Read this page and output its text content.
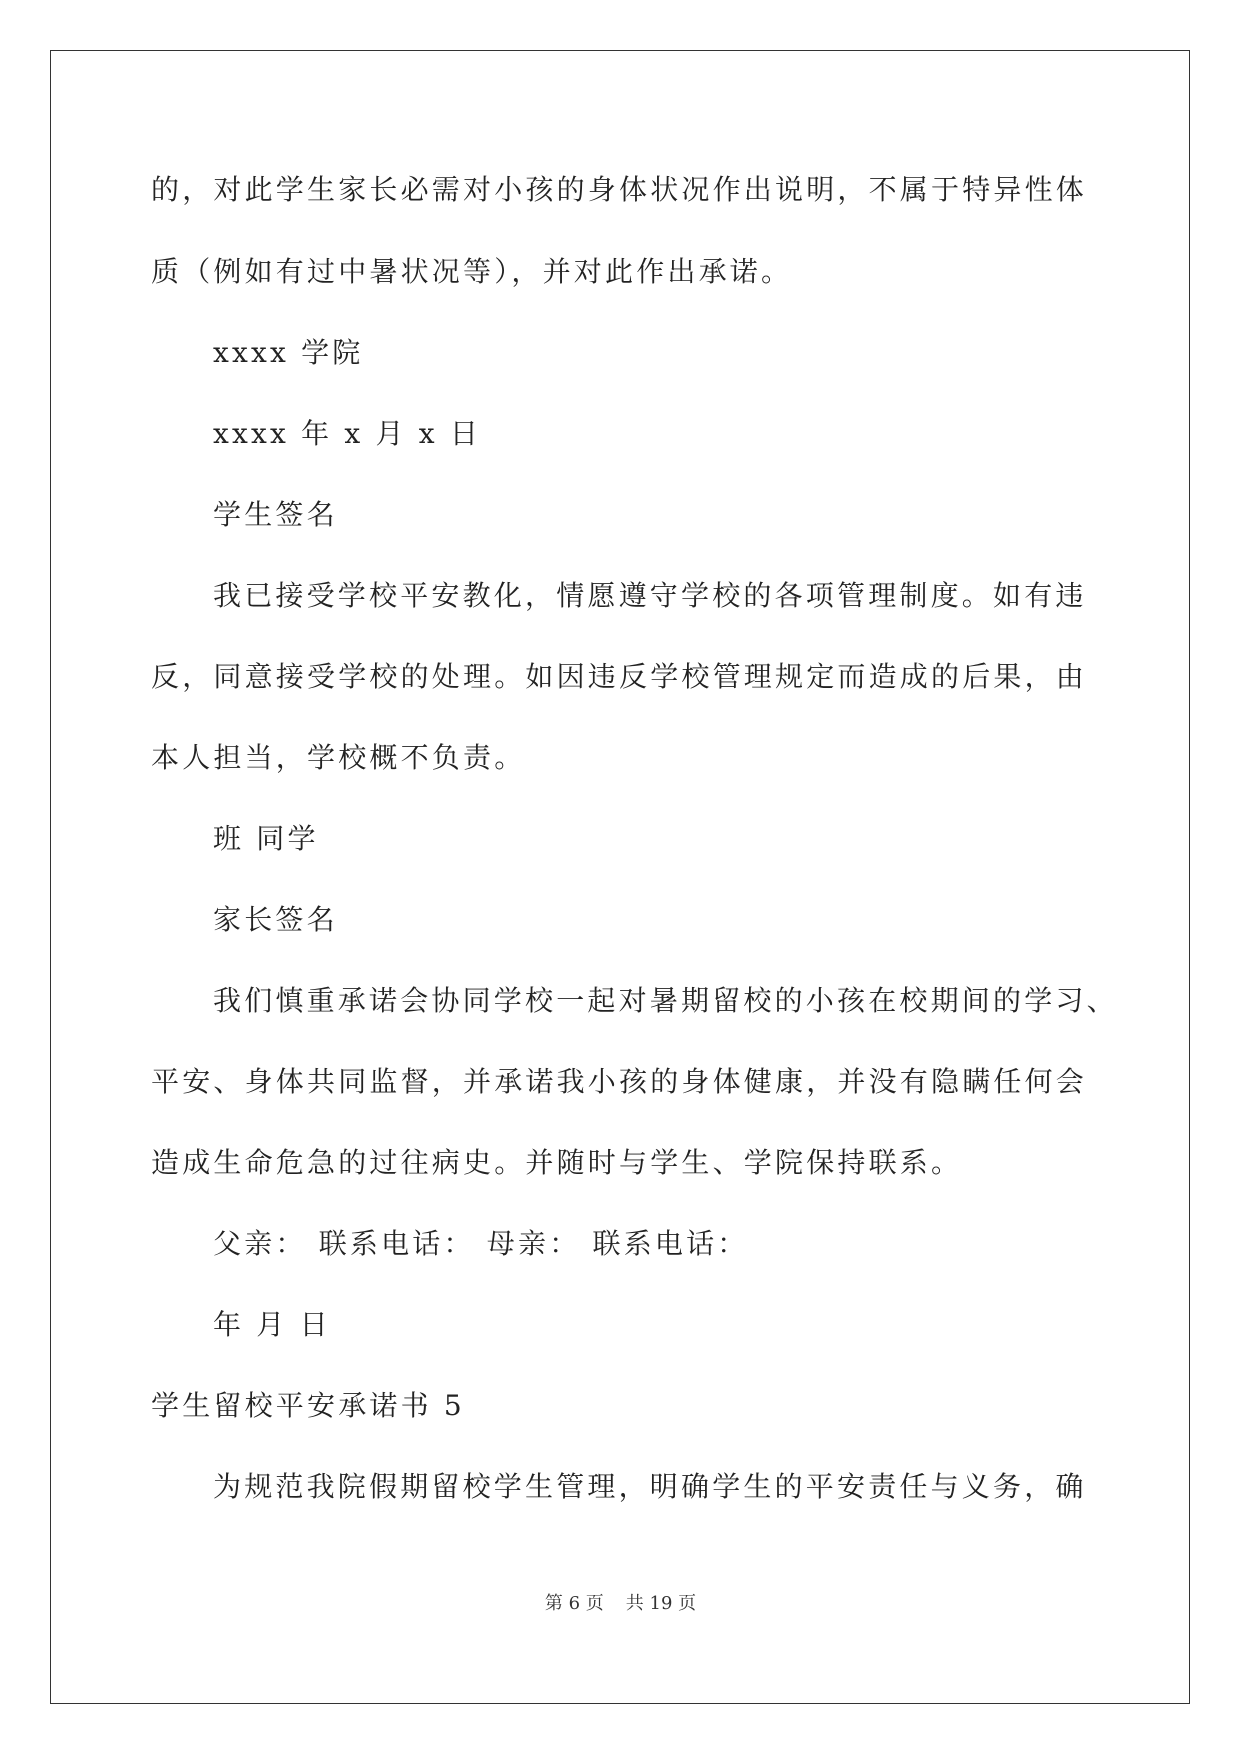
的，对此学生家长必需对小孩的身体状况作出说明，不属于特异性体
质（例如有过中暑状况等），并对此作出承诺。
xxxx 学院
xxxx 年 x 月 x 日
学生签名
我已接受学校平安教化，情愿遵守学校的各项管理制度。如有违
反，同意接受学校的处理。如因违反学校管理规定而造成的后果，由
本人担当，学校概不负责。
班 同学
家长签名
我们慎重承诺会协同学校一起对暑期留校的小孩在校期间的学习、
平安、身体共同监督，并承诺我小孩的身体健康，并没有隐瞒任何会
造成生命危急的过往病史。并随时与学生、学院保持联系。
父亲： 联系电话： 母亲： 联系电话：
年 月 日
学生留校平安承诺书 5
为规范我院假期留校学生管理，明确学生的平安责任与义务，确
第 6 页 共 19 页
